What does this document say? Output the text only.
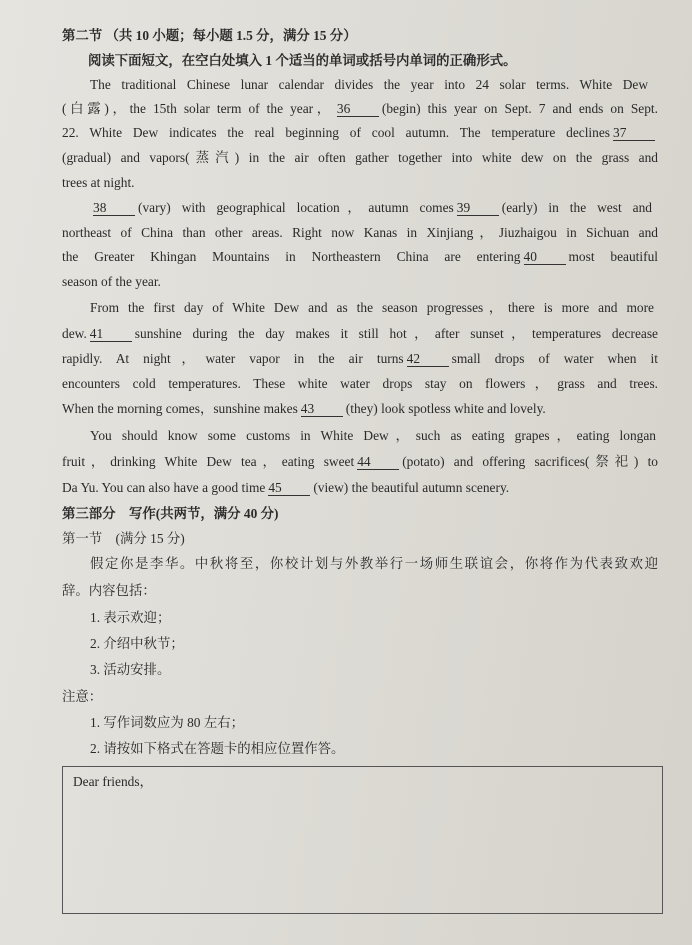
第二节 （共 10 小题；每小题 1.5 分，满分 15 分）
阅读下面短文，在空白处填入 1 个适当的单词或括号内单词的正确形式。
The traditional Chinese lunar calendar divides the year into 24 solar terms. White Dew
(白露)，the 15th solar term of the year， 36 (begin) this year on Sept. 7 and ends on Sept.
22. White Dew indicates the real beginning of cool autumn. The temperature declines 37
(gradual) and vapors(蒸汽) in the air often gather together into white dew on the grass and
trees at night.
38 (vary) with geographical location，autumn comes 39 (early) in the west and
northeast of China than other areas. Right now Kanas in Xinjiang，Jiuzhaigou in Sichuan and
the Greater Khingan Mountains in Northeastern China are entering 40 most beautiful
season of the year.
From the first day of White Dew and as the season progresses，there is more and more
dew. 41 sunshine during the day makes it still hot，after sunset，temperatures decrease
rapidly. At night，water vapor in the air turns 42 small drops of water when it
encounters cold temperatures. These white water drops stay on flowers，grass and trees.
When the morning comes，sunshine makes 43 (they) look spotless white and lovely.
You should know some customs in White Dew，such as eating grapes，eating longan
fruit，drinking White Dew tea，eating sweet 44 (potato) and offering sacrifices(祭祀) to
Da Yu. You can also have a good time 45 (view) the beautiful autumn scenery.
第三部分　写作(共两节，满分 40 分)
第一节　(满分 15 分)
假定你是李华。中秋将至，你校计划与外教举行一场师生联谊会，你将作为代表致欢迎
辞。内容包括：
1. 表示欢迎；
2. 介绍中秋节；
3. 活动安排。
注意：
1. 写作词数应为 80 左右；
2. 请按如下格式在答题卡的相应位置作答。
Dear friends，
